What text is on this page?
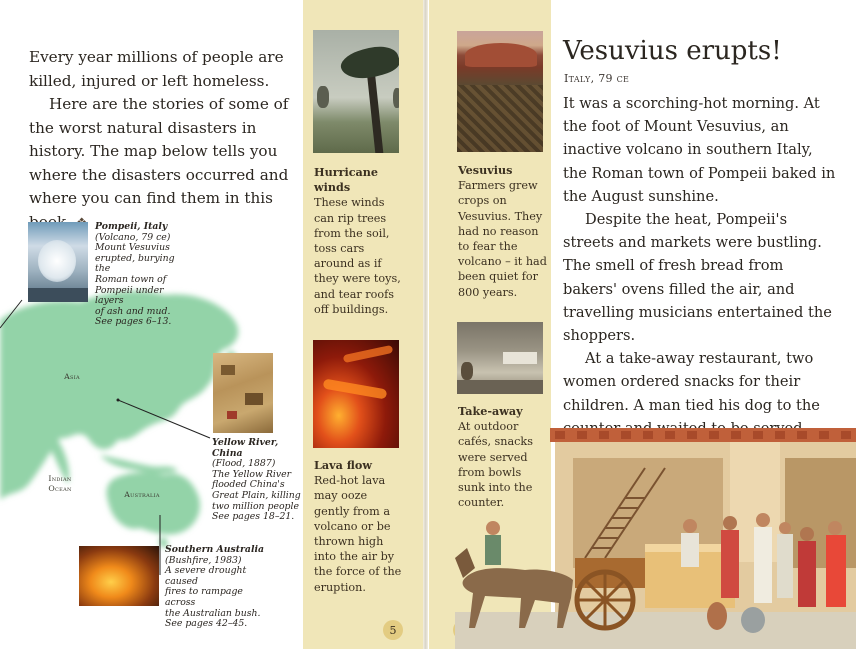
Every year millions of people are killed, injured or left homeless.

Here are the stories of some of the worst natural disasters in history. The map below tells you where the disasters occurred and where you can find them in this

Asia
Indian
Ocean
Australia
Pompeii, Italy
(Volcano, 79 ce)
Mount Vesuvius
erupted, burying the
Roman town of
Pompeii under layers
of ash and mud.
See pages 6–13.
Yellow River, China
(Flood, 1887)
The Yellow River
flooded China's
Great Plain, killing
two million people
See pages 18–21.
Southern Australia
(Bushfire, 1983)
A severe drought caused
fires to rampage across
the Australian bush.
See pages 42–45.
Hurricane winds
These winds can rip trees from the soil, toss cars around as if they were toys, and tear roofs off buildings.
Lava flow
Red-hot lava may ooze gently from a volcano or be thrown high into the air by the force of the eruption.
5
Vesuvius
Farmers grew crops on Vesuvius. They had no reason to fear the volcano – it had been quiet for 800 years.
Take-away
At outdoor cafés, snacks were served from bowls sunk into the counter.
Vesuvius erupts!
Italy, 79 ce

It was a scorching-hot morning. At the foot of Mount Vesuvius, an inactive volcano in southern Italy, the Roman town of Pompeii baked in the August sunshine.

Despite the heat, Pompeii's streets and markets were bustling. The smell of fresh bread from bakers' ovens filled the air, and travelling musicians entertained the shoppers.

At a take-away restaurant, two women ordered snacks for their children. A man tied his dog to the
